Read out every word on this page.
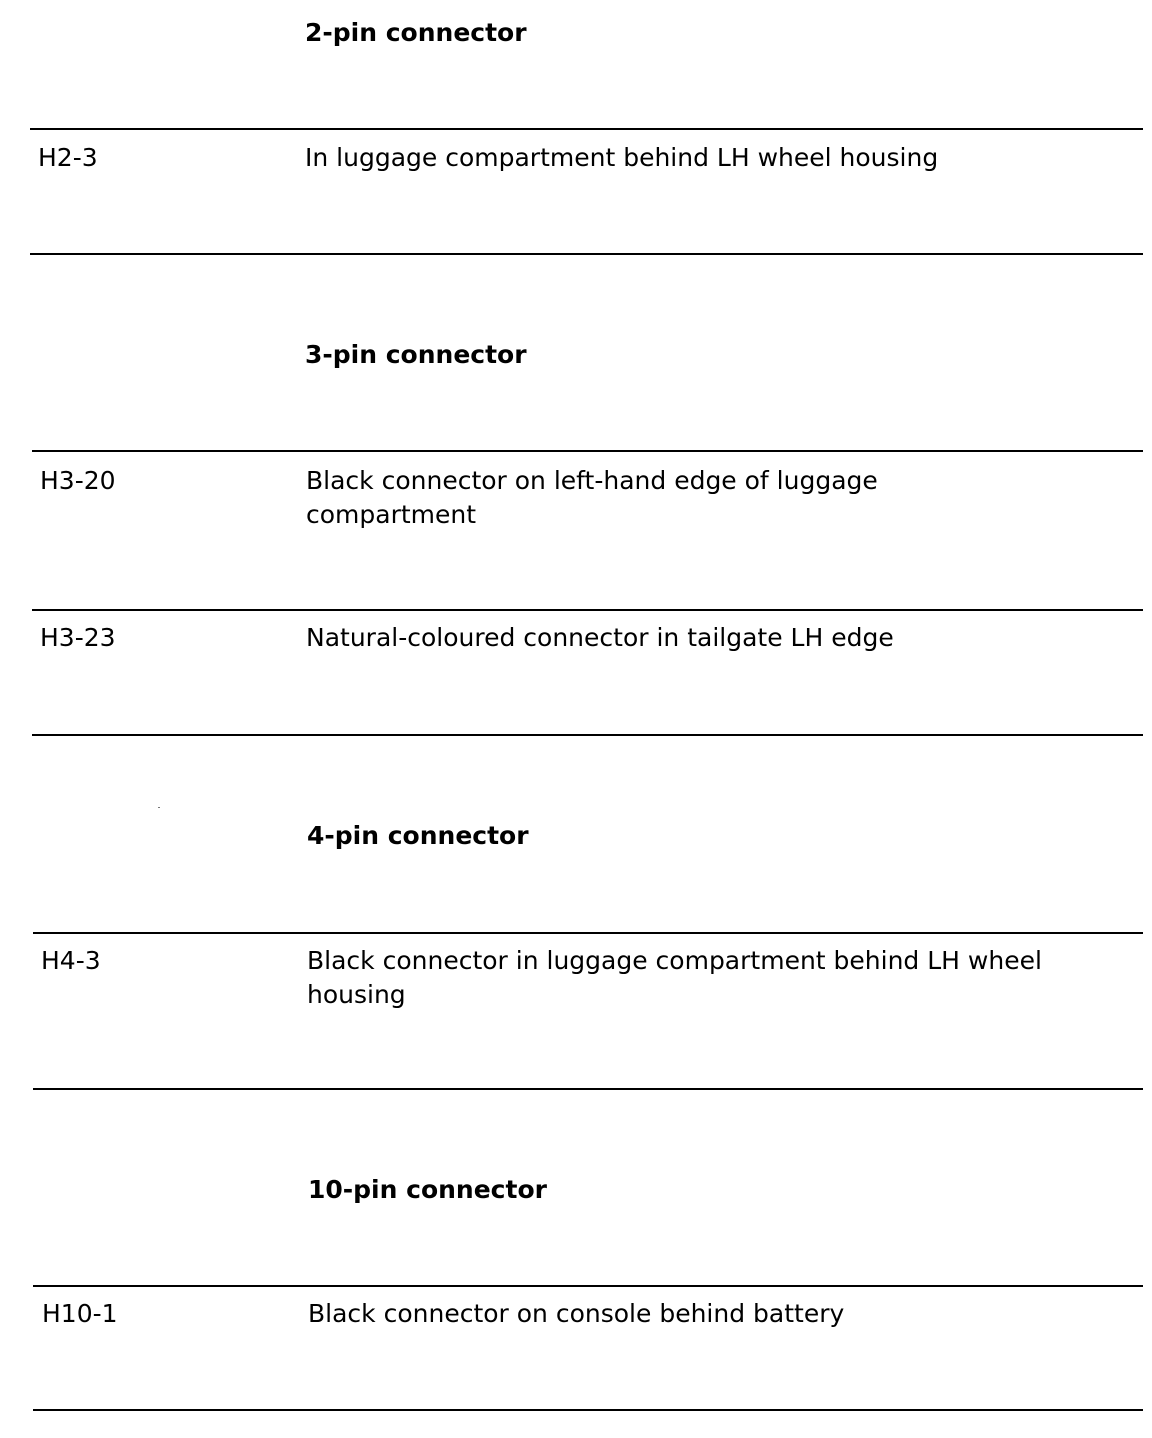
2-pin connector
H2-3	In luggage compartment behind LH wheel housing
3-pin connector
H3-20	Black connector on left-hand edge of luggage compartment
H3-23	Natural-coloured connector in tailgate LH edge
4-pin connector
H4-3	Black connector in luggage compartment behind LH wheel housing
10-pin connector
H10-1	Black connector on console behind battery
